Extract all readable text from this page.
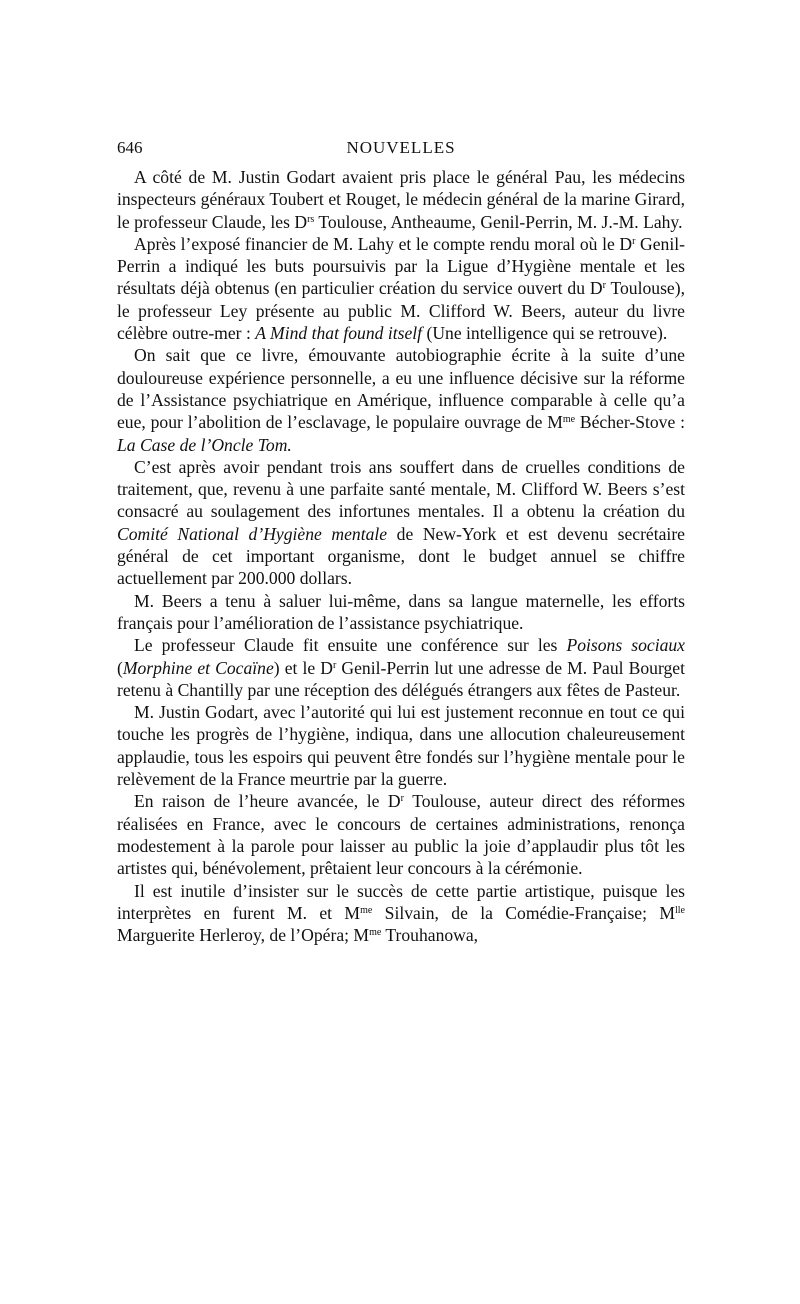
646	NOUVELLES

A côté de M. Justin Godart avaient pris place le général Pau, les médecins inspecteurs généraux Toubert et Rouget, le médecin général de la marine Girard, le professeur Claude, les $D^{rs}$ Toulouse, Antheaume, Genil-Perrin, M. J.-M. Lahy.

Après l’exposé financier de M. Lahy et le compte rendu moral où le $D^r$ Genil-Perrin a indiqué les buts poursuivis par la Ligue d’Hygiène mentale et les résultats déjà obtenus (en particulier création du service ouvert du $D^r$ Toulouse), le professeur Ley présente au public M. Clifford W. Beers, auteur du livre célèbre outre-mer : A Mind that found itself (Une intelligence qui se retrouve).

On sait que ce livre, émouvante autobiographie écrite à la suite d’une douloureuse expérience personnelle, a eu une influence décisive sur la réforme de l’Assistance psychiatrique en Amérique, influence comparable à celle qu’a eue, pour l’abolition de l’esclavage, le populaire ouvrage de $M^{me}$ Bécher-Stove : La Case de l’Oncle Tom.

C’est après avoir pendant trois ans souffert dans de cruelles conditions de traitement, que, revenu à une parfaite santé mentale, M. Clifford W. Beers s’est consacré au soulagement des infortunes mentales. Il a obtenu la création du Comité National d’Hygiène mentale de New-York et est devenu secrétaire général de cet important organisme, dont le budget annuel se chiffre actuellement par 200.000 dollars.

M. Beers a tenu à saluer lui-même, dans sa langue maternelle, les efforts français pour l’amélioration de l’assistance psychiatrique.

Le professeur Claude fit ensuite une conférence sur les Poisons sociaux (Morphine et Cocaïne) et le $D^r$ Genil-Perrin lut une adresse de M. Paul Bourget retenu à Chantilly par une réception des délégués étrangers aux fêtes de Pasteur.

M. Justin Godart, avec l’autorité qui lui est justement reconnue en tout ce qui touche les progrès de l’hygiène, indiqua, dans une allocution chaleureusement applaudie, tous les espoirs qui peuvent être fondés sur l’hygiène mentale pour le relèvement de la France meurtrie par la guerre.

En raison de l’heure avancée, le $D^r$ Toulouse, auteur direct des réformes réalisées en France, avec le concours de certaines administrations, renonça modestement à la parole pour laisser au public la joie d’applaudir plus tôt les artistes qui, bénévolement, prêtaient leur concours à la cérémonie.

Il est inutile d’insister sur le succès de cette partie artistique, puisque les interprètes en furent M. et $M^{me}$ Silvain, de la Comédie-Française; $M^{lle}$ Marguerite Herleroy, de l’Opéra; $M^{me}$ Trouhanowa,
